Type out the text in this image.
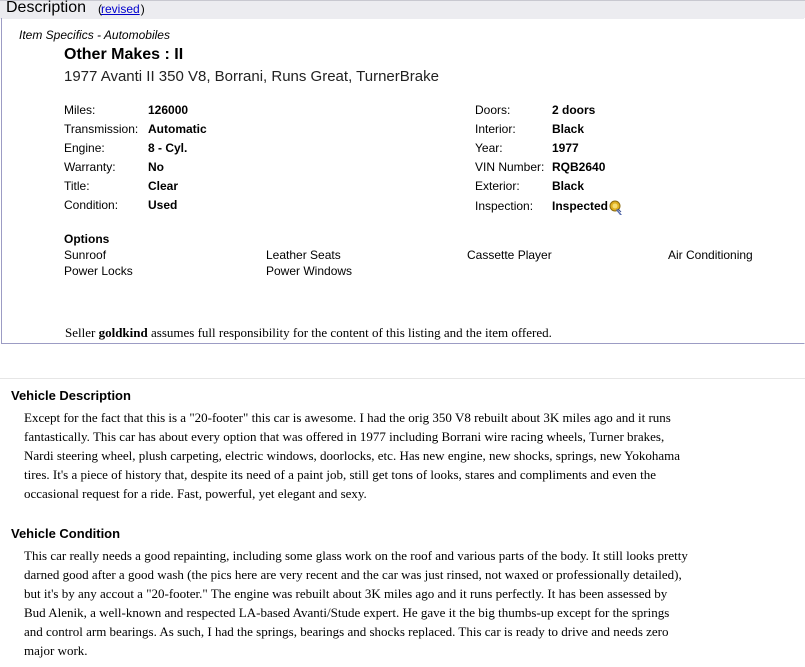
Description (	)
revised
Item Specifics - Automobiles
Other Makes : II
1977 Avanti II 350 V8, Borrani, Runs Great, TurnerBrake
Miles:	126000
Transmission: Automatic
Engine:	8 - Cyl.
Warranty:	No
Title:	Clear
Condition: Used
Doors:	2 doors
Interior:	Black
Year:	1977
VIN Number: RQB2640
Exterior:	Black
Inspection: Inspected
Options
Sunroof	Leather Seats	Cassette Player	Air Conditioning
Power Locks	Power Windows
Seller goldkind assumes full responsibility for the content of this listing and the item offered.
Vehicle Description
Except for the fact that this is a "20-footer" this car is awesome. I had the orig 350 V8 rebuilt about 3K miles ago and it runs
fantastically. This car has about every option that was offered in 1977 including Borrani wire racing wheels, Turner brakes,
Nardi steering wheel, plush carpeting, electric windows, doorlocks, etc. Has new engine, new shocks, springs, new Yokohama
tires. It's a piece of history that, despite its need of a paint job, still get tons of looks, stares and compliments and even the
occasional request for a ride. Fast, powerful, yet elegant and sexy.
Vehicle Condition
This car really needs a good repainting, including some glass work on the roof and various parts of the body. It still looks pretty
darned good after a good wash (the pics here are very recent and the car was just rinsed, not waxed or professionally detailed),
but it's by any accout a "20-footer." The engine was rebuilt about 3K miles ago and it runs perfectly. It has been assessed by
Bud Alenik, a well-known and respected LA-based Avanti/Stude expert. He gave it the big thumbs-up except for the springs
and control arm bearings. As such, I had the springs, bearings and shocks replaced. This car is ready to drive and needs zero
major work.
